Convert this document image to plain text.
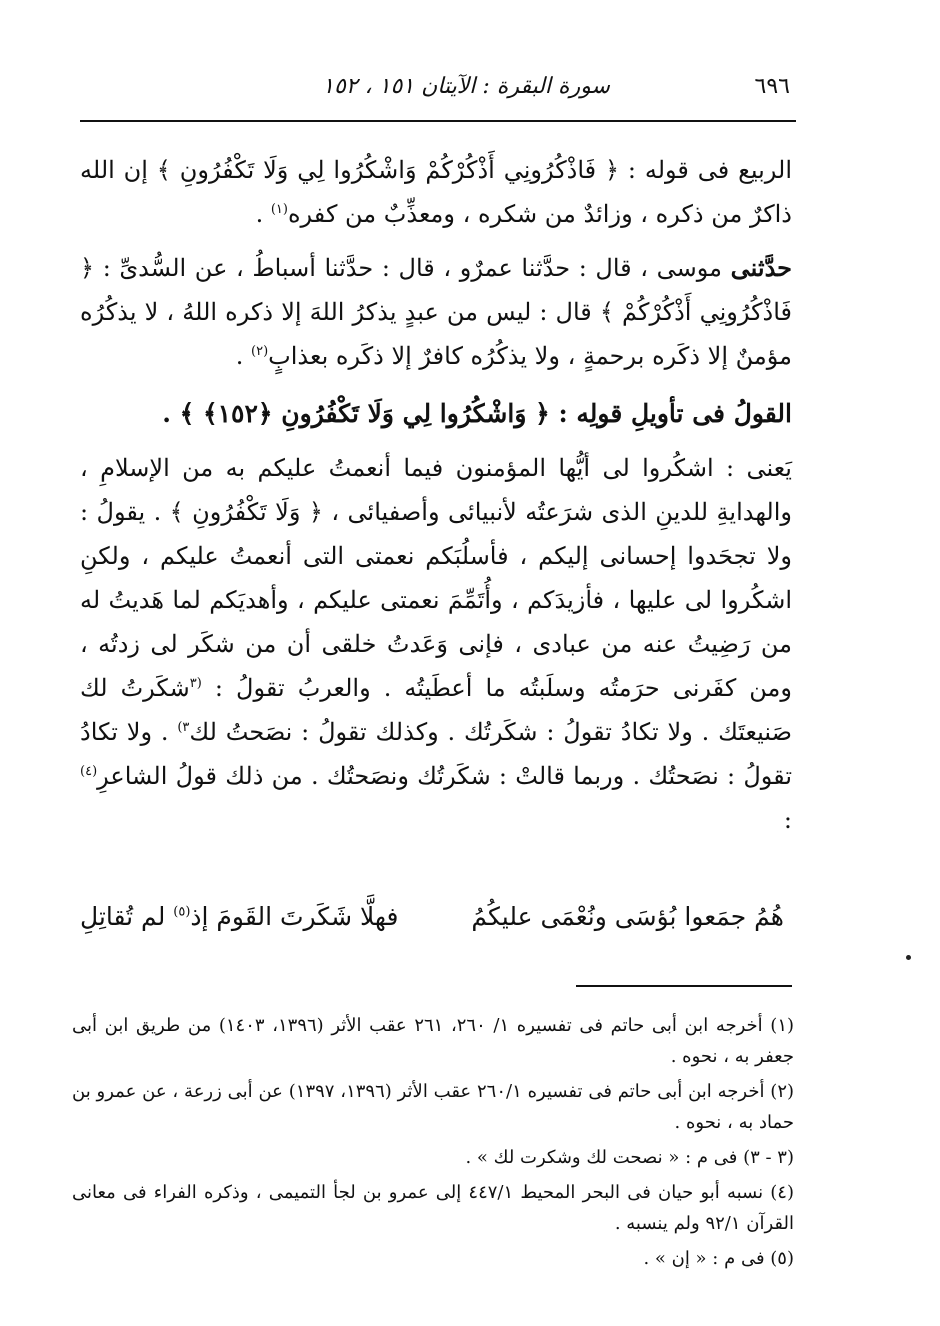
٦٩٦
سورة البقرة : الآيتان ١٥١ ، ١٥٢

الربيع فى قوله : ﴿ فَاذْكُرُونِي أَذْكُرْكُمْ وَاشْكُرُوا لِي وَلَا تَكْفُرُونِ ﴾ إن الله ذاكرٌ من ذكره ، وزائدٌ من شكره ، ومعذِّبٌ من كفره$^{(١)}$ .

حدَّثنى موسى ، قال : حدَّثنا عمرٌو ، قال : حدَّثنا أسباطُ ، عن السُّدىِّ : ﴿ فَاذْكُرُونِي أَذْكُرْكُمْ ﴾ قال : ليس من عبدٍ يذكرُ اللهَ إلا ذكره اللهُ ، لا يذكُرُه مؤمنٌ إلا ذكَره برحمةٍ ، ولا يذكُرُه كافرٌ إلا ذكَره بعذابٍ$^{(٢)}$ .

القولُ فى تأويلِ قولِه : ﴿ وَاشْكُرُوا لِي وَلَا تَكْفُرُونِ ﴿١٥٢﴾ ﴾ .

يَعنى : اشكُروا لى أيُّها المؤمنون فيما أنعمتُ عليكم به من الإسلامِ ، والهدايةِ للدينِ الذى شرَعتُه لأنبيائى وأصفيائى ، ﴿ وَلَا تَكْفُرُونِ ﴾ . يقولُ : ولا تجحَدوا إحسانى إليكم ، فأسلُبَكم نعمتى التى أنعمتُ عليكم ، ولكنِ اشكُروا لى عليها ، فأزيدَكم ، وأُتَمِّمَ نعمتى عليكم ، وأهديَكم لما هَديتُ له من رَضِيتُ عنه من عبادى ، فإنى وَعَدتُ خلقى أن من شكَر لى زدتُه ، ومن كفَرنى حرَمتُه وسلَبتُه ما أعطَيتُه . والعربُ تقولُ : $^{(٣}$شكَرتُ لك صَنيعتَك . ولا تكادُ تقولُ : شكَرتُك . وكذلك تقولُ : نصَحتُ لك$^{٣)}$ . ولا تكادُ تقولُ : نصَحتُك . وربما قالتْ : شكَرتُك ونصَحتُك . من ذلك قولُ الشاعرِ$^{(٤)}$ :

هُمُ جمَعوا بُؤسَى ونُعْمَى عليكُمُ
فهلَّا شَكَرتَ القَومَ إذ$^{(٥)}$ لم تُقاتِلِ

(١) أخرجه ابن أبى حاتم فى تفسيره ١/ ٢٦٠، ٢٦١ عقب الأثر (١٣٩٦، ١٤٠٣) من طريق ابن أبى جعفر به ، نحوه .

(٢) أخرجه ابن أبى حاتم فى تفسيره ٢٦٠/١ عقب الأثر (١٣٩٦، ١٣٩٧) عن أبى زرعة ، عن عمرو بن حماد به ، نحوه .

(٣ - ٣) فى م : « نصحت لك وشكرت لك » .

(٤) نسبه أبو حيان فى البحر المحيط ٤٤٧/١ إلى عمرو بن لجأ التميمى ، وذكره الفراء فى معانى القرآن ٩٢/١ ولم ينسبه .

(٥) فى م : « إن » .
